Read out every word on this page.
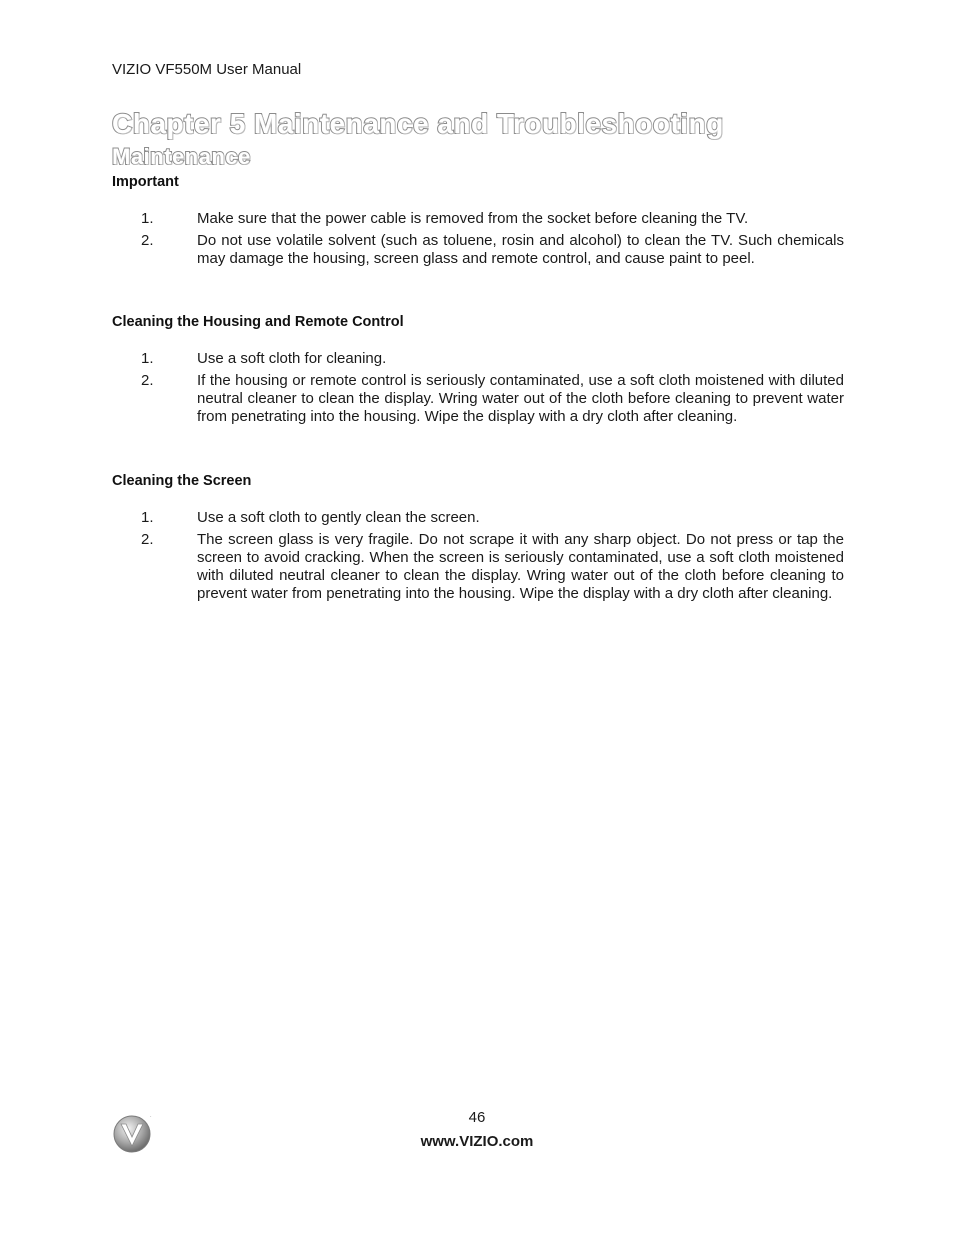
VIZIO VF550M User Manual
Chapter 5 Maintenance and Troubleshooting
Maintenance
Important
1.	Make sure that the power cable is removed from the socket before cleaning the TV.
2.	Do not use volatile solvent (such as toluene, rosin and alcohol) to clean the TV. Such chemicals may damage the housing, screen glass and remote control, and cause paint to peel.
Cleaning the Housing and Remote Control
1.	Use a soft cloth for cleaning.
2.	If the housing or remote control is seriously contaminated, use a soft cloth moistened with diluted neutral cleaner to clean the display. Wring water out of the cloth before cleaning to prevent water from penetrating into the housing. Wipe the display with a dry cloth after cleaning.
Cleaning the Screen
1.	Use a soft cloth to gently clean the screen.
2.	The screen glass is very fragile. Do not scrape it with any sharp object. Do not press or tap the screen to avoid cracking. When the screen is seriously contaminated, use a soft cloth moistened with diluted neutral cleaner to clean the display. Wring water out of the cloth before cleaning to prevent water from penetrating into the housing. Wipe the display with a dry cloth after cleaning.
·	46
www.VIZIO.com
